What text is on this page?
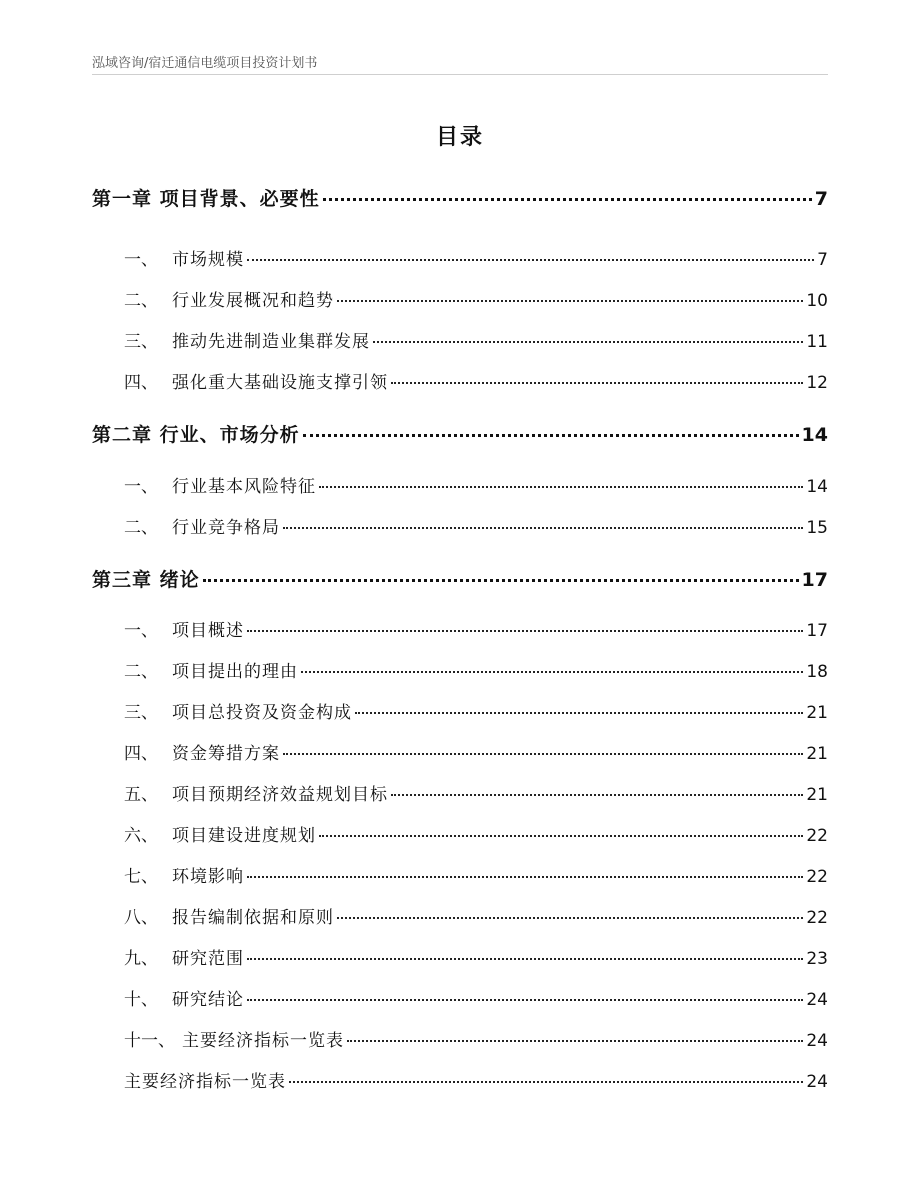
泓域咨询/宿迁通信电缆项目投资计划书
目录
第一章 项目背景、必要性	7
一、 市场规模	7
二、 行业发展概况和趋势	10
三、 推动先进制造业集群发展	11
四、 强化重大基础设施支撑引领	12
第二章 行业、市场分析	14
一、 行业基本风险特征	14
二、 行业竞争格局	15
第三章 绪论	17
一、 项目概述	17
二、 项目提出的理由	18
三、 项目总投资及资金构成	21
四、 资金筹措方案	21
五、 项目预期经济效益规划目标	21
六、 项目建设进度规划	22
七、 环境影响	22
八、 报告编制依据和原则	22
九、 研究范围	23
十、 研究结论	24
十一、 主要经济指标一览表	24
主要经济指标一览表	24
